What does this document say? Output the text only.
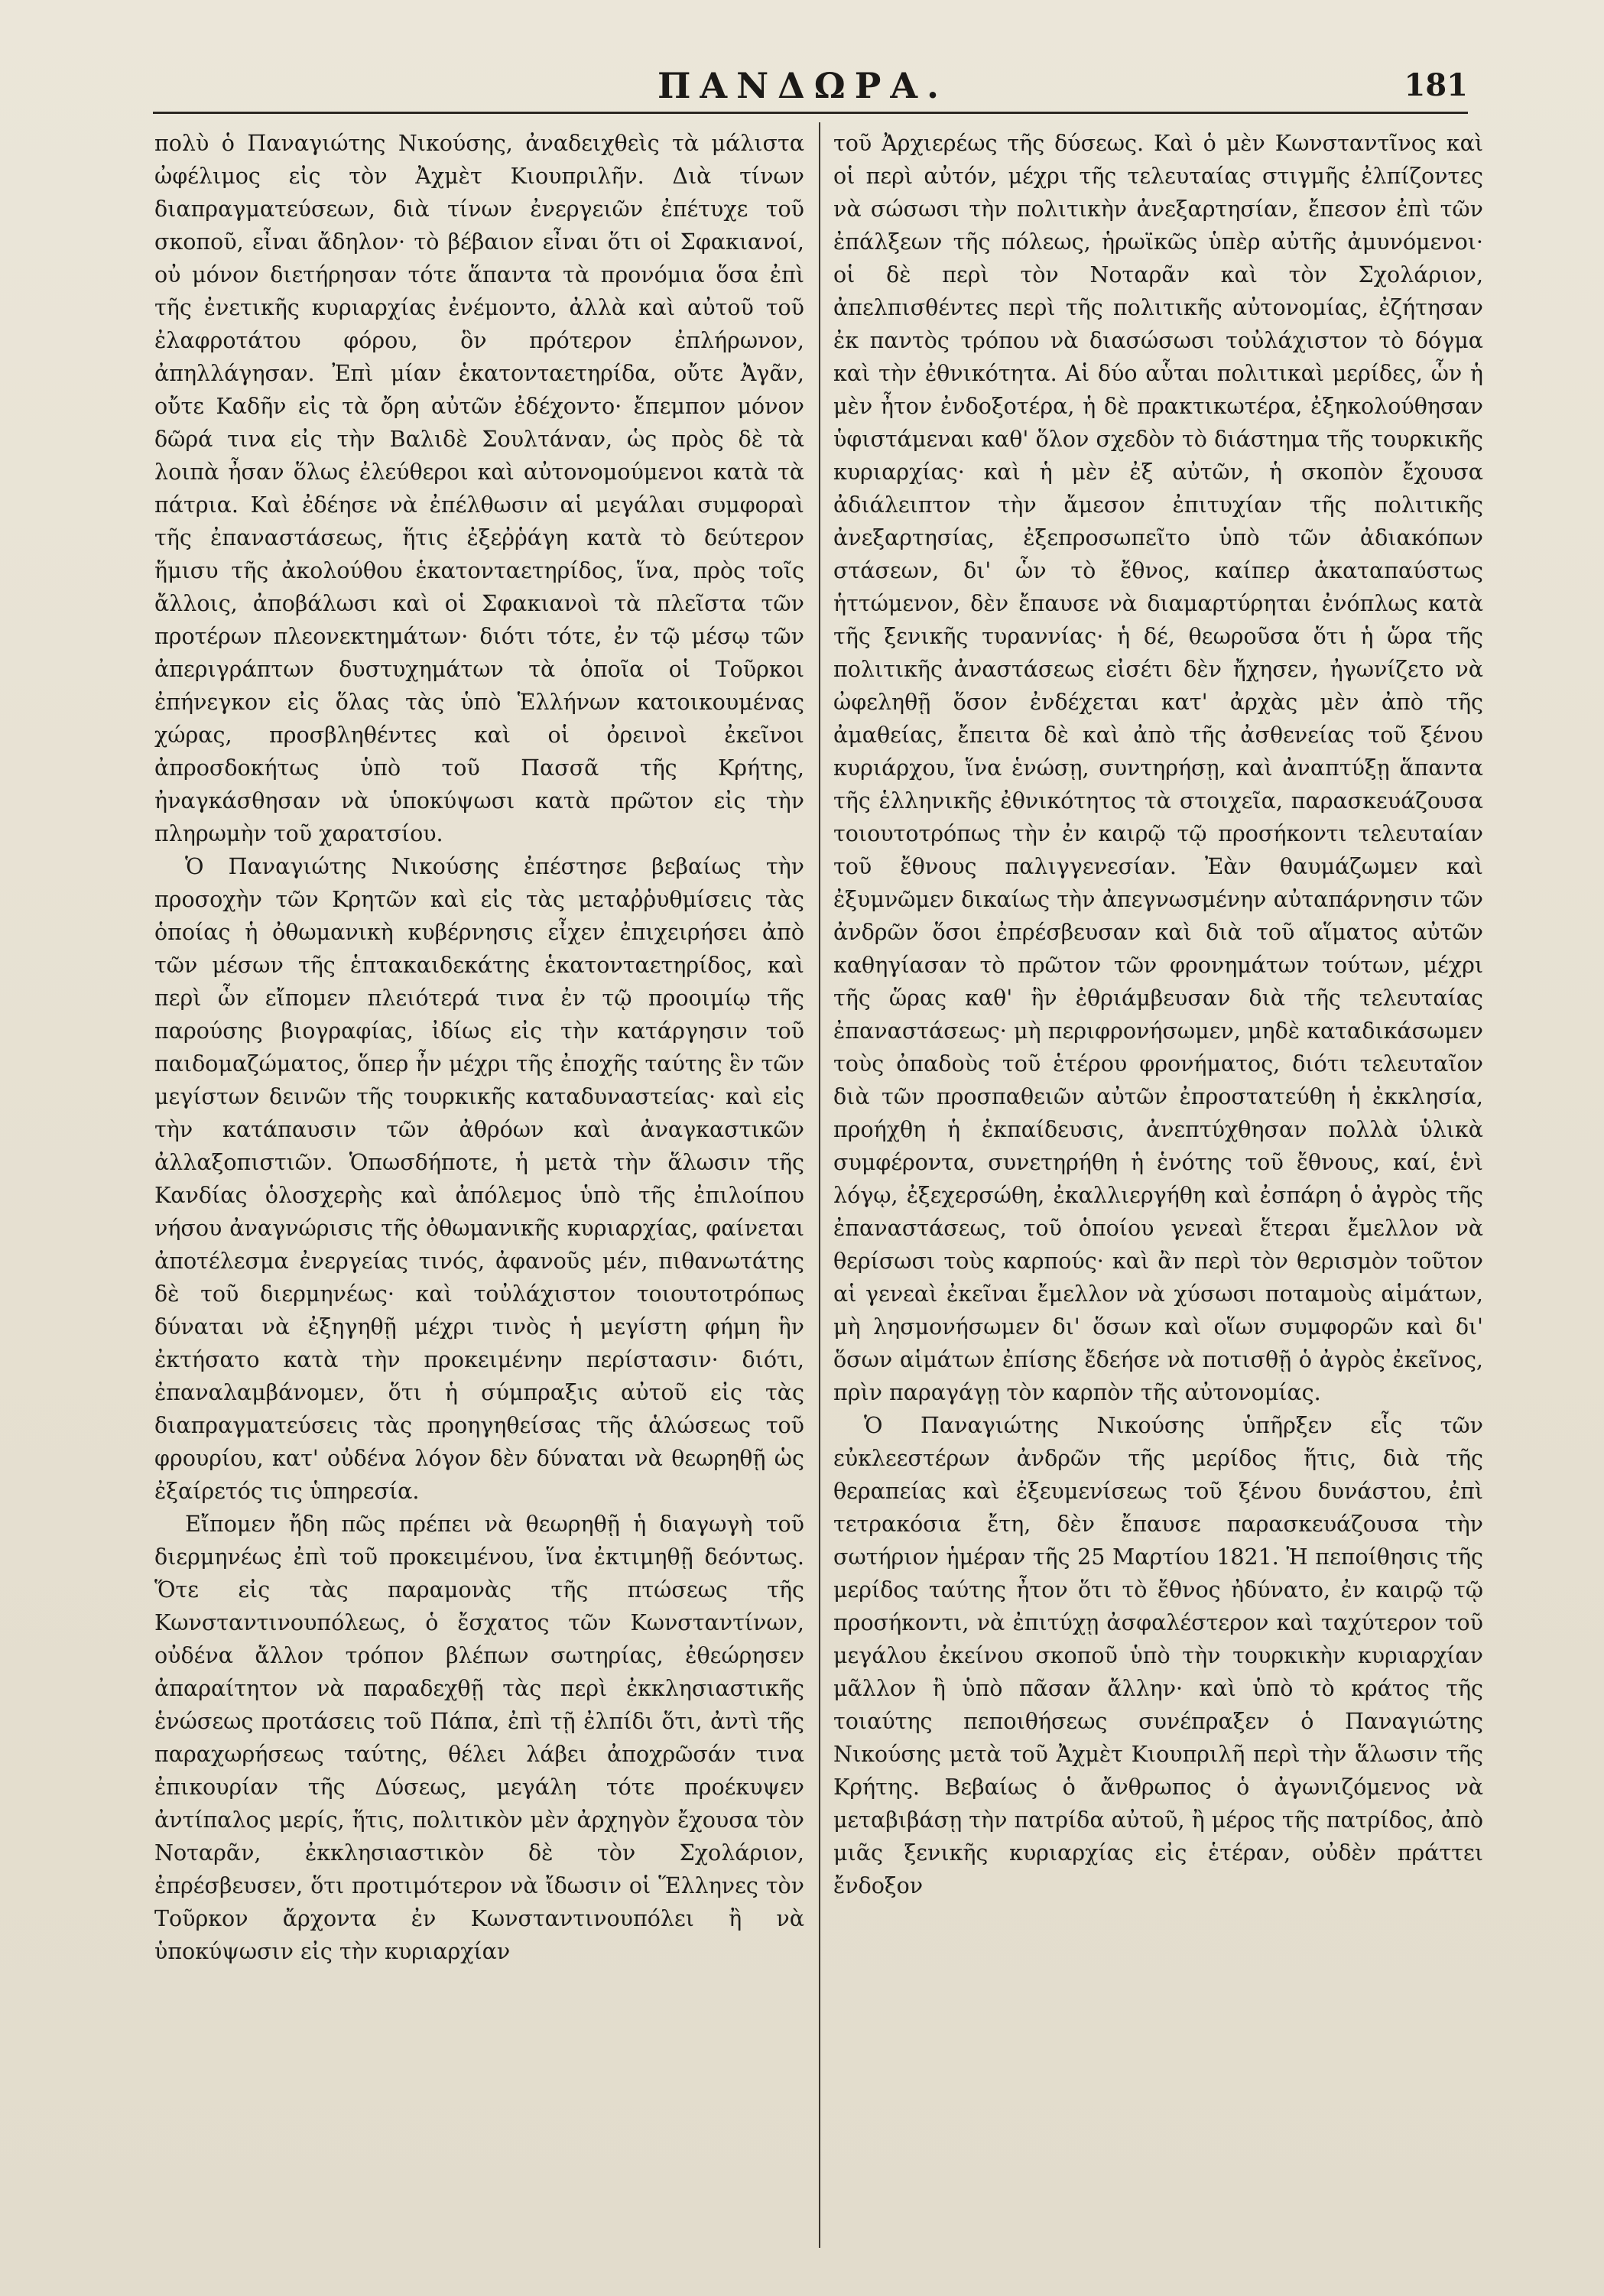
ΠΑΝΔΩΡΑ.	181

πολὺ ὁ Παναγιώτης Νικούσης, ἀναδειχθεὶς τὰ μάλιστα ὠφέλιμος εἰς τὸν Ἀχμὲτ Κιουπριλῆν. Διὰ τίνων διαπραγματεύσεων, διὰ τίνων ἐνεργειῶν ἐπέτυχε τοῦ σκοποῦ, εἶναι ἄδηλον· τὸ βέβαιον εἶναι ὅτι οἱ Σφακιανοί, οὐ μόνον διετήρησαν τότε ἅπαντα τὰ προνόμια ὅσα ἐπὶ τῆς ἐνετικῆς κυριαρχίας ἐνέμοντο, ἀλλὰ καὶ αὐτοῦ τοῦ ἐλαφροτάτου φόρου, ὃν πρότερον ἐπλήρωνον, ἀπηλλάγησαν. Ἐπὶ μίαν ἑκατονταετηρίδα, οὔτε Ἀγᾶν, οὔτε Καδῆν εἰς τὰ ὄρη αὐτῶν ἐδέχοντο· ἔπεμπον μόνον δῶρά τινα εἰς τὴν Βαλιδὲ Σουλτάναν, ὡς πρὸς δὲ τὰ λοιπὰ ἦσαν ὅλως ἐλεύθεροι καὶ αὐτονομούμενοι κατὰ τὰ πάτρια. Καὶ ἐδέησε νὰ ἐπέλθωσιν αἱ μεγάλαι συμφοραὶ τῆς ἐπαναστάσεως, ἥτις ἐξεῤῥάγη κατὰ τὸ δεύτερον ἥμισυ τῆς ἀκολούθου ἑκατονταετηρίδος, ἵνα, πρὸς τοῖς ἄλλοις, ἀποβάλωσι καὶ οἱ Σφακιανοὶ τὰ πλεῖστα τῶν προτέρων πλεονεκτημάτων· διότι τότε, ἐν τῷ μέσῳ τῶν ἀπεριγράπτων δυστυχημάτων τὰ ὁποῖα οἱ Τοῦρκοι ἐπήνεγκον εἰς ὅλας τὰς ὑπὸ Ἑλλήνων κατοικουμένας χώρας, προσβληθέντες καὶ οἱ ὀρεινοὶ ἐκεῖνοι ἀπροσδοκήτως ὑπὸ τοῦ Πασσᾶ τῆς Κρήτης, ἠναγκάσθησαν νὰ ὑποκύψωσι κατὰ πρῶτον εἰς τὴν πληρωμὴν τοῦ χαρατσίου.

Ὁ Παναγιώτης Νικούσης ἐπέστησε βεβαίως τὴν προσοχὴν τῶν Κρητῶν καὶ εἰς τὰς μεταῤῥυθμίσεις τὰς ὁποίας ἡ ὀθωμανικὴ κυβέρνησις εἶχεν ἐπιχειρήσει ἀπὸ τῶν μέσων τῆς ἑπτακαιδεκάτης ἑκατονταετηρίδος, καὶ περὶ ὧν εἴπομεν πλειότερά τινα ἐν τῷ προοιμίῳ τῆς παρούσης βιογραφίας, ἰδίως εἰς τὴν κατάργησιν τοῦ παιδομαζώματος, ὅπερ ἦν μέχρι τῆς ἐποχῆς ταύτης ἓν τῶν μεγίστων δεινῶν τῆς τουρκικῆς καταδυναστείας· καὶ εἰς τὴν κατάπαυσιν τῶν ἀθρόων καὶ ἀναγκαστικῶν ἀλλαξοπιστιῶν. Ὁπωσδήποτε, ἡ μετὰ τὴν ἅλωσιν τῆς Κανδίας ὁλοσχερὴς καὶ ἀπόλεμος ὑπὸ τῆς ἐπιλοίπου νήσου ἀναγνώρισις τῆς ὀθωμανικῆς κυριαρχίας, φαίνεται ἀποτέλεσμα ἐνεργείας τινός, ἀφανοῦς μέν, πιθανωτάτης δὲ τοῦ διερμηνέως· καὶ τοὐλάχιστον τοιουτοτρόπως δύναται νὰ ἐξηγηθῇ μέχρι τινὸς ἡ μεγίστη φήμη ἣν ἐκτήσατο κατὰ τὴν προκειμένην περίστασιν· διότι, ἐπαναλαμβάνομεν, ὅτι ἡ σύμπραξις αὐτοῦ εἰς τὰς διαπραγματεύσεις τὰς προηγηθείσας τῆς ἁλώσεως τοῦ φρουρίου, κατ' οὐδένα λόγον δὲν δύναται νὰ θεωρηθῇ ὡς ἐξαίρετός τις ὑπηρεσία.

Εἴπομεν ἤδη πῶς πρέπει νὰ θεωρηθῇ ἡ διαγωγὴ τοῦ διερμηνέως ἐπὶ τοῦ προκειμένου, ἵνα ἐκτιμηθῇ δεόντως. Ὅτε εἰς τὰς παραμονὰς τῆς πτώσεως τῆς Κωνσταντινουπόλεως, ὁ ἔσχατος τῶν Κωνσταντίνων, οὐδένα ἄλλον τρόπον βλέπων σωτηρίας, ἐθεώρησεν ἀπαραίτητον νὰ παραδεχθῇ τὰς περὶ ἐκκλησιαστικῆς ἑνώσεως προτάσεις τοῦ Πάπα, ἐπὶ τῇ ἐλπίδι ὅτι, ἀντὶ τῆς παραχωρήσεως ταύτης, θέλει λάβει ἀποχρῶσάν τινα ἐπικουρίαν τῆς Δύσεως, μεγάλη τότε προέκυψεν ἀντίπαλος μερίς, ἥτις, πολιτικὸν μὲν ἀρχηγὸν ἔχουσα τὸν Νοταρᾶν, ἐκκλησιαστικὸν δὲ τὸν Σχολάριον, ἐπρέσβευσεν, ὅτι προτιμότερον νὰ ἴδωσιν οἱ Ἕλληνες τὸν Τοῦρκον ἄρχοντα ἐν Κωνσταντινουπόλει ἢ νὰ ὑποκύψωσιν εἰς τὴν κυριαρχίαν

τοῦ Ἀρχιερέως τῆς δύσεως. Καὶ ὁ μὲν Κωνσταντῖνος καὶ οἱ περὶ αὐτόν, μέχρι τῆς τελευταίας στιγμῆς ἐλπίζοντες νὰ σώσωσι τὴν πολιτικὴν ἀνεξαρτησίαν, ἔπεσον ἐπὶ τῶν ἐπάλξεων τῆς πόλεως, ἡρωϊκῶς ὑπὲρ αὐτῆς ἀμυνόμενοι· οἱ δὲ περὶ τὸν Νοταρᾶν καὶ τὸν Σχολάριον, ἀπελπισθέντες περὶ τῆς πολιτικῆς αὐτονομίας, ἐζήτησαν ἐκ παντὸς τρόπου νὰ διασώσωσι τοὐλάχιστον τὸ δόγμα καὶ τὴν ἐθνικότητα. Αἱ δύο αὗται πολιτικαὶ μερίδες, ὧν ἡ μὲν ἦτον ἐνδοξοτέρα, ἡ δὲ πρακτικωτέρα, ἐξηκολούθησαν ὑφιστάμεναι καθ' ὅλον σχεδὸν τὸ διάστημα τῆς τουρκικῆς κυριαρχίας· καὶ ἡ μὲν ἐξ αὐτῶν, ἡ σκοπὸν ἔχουσα ἀδιάλειπτον τὴν ἄμεσον ἐπιτυχίαν τῆς πολιτικῆς ἀνεξαρτησίας, ἐξεπροσωπεῖτο ὑπὸ τῶν ἀδιακόπων στάσεων, δι' ὧν τὸ ἔθνος, καίπερ ἀκαταπαύστως ἡττώμενον, δὲν ἔπαυσε νὰ διαμαρτύρηται ἐνόπλως κατὰ τῆς ξενικῆς τυραννίας· ἡ δέ, θεωροῦσα ὅτι ἡ ὥρα τῆς πολιτικῆς ἀναστάσεως εἰσέτι δὲν ἤχησεν, ἠγωνίζετο νὰ ὠφεληθῇ ὅσον ἐνδέχεται κατ' ἀρχὰς μὲν ἀπὸ τῆς ἀμαθείας, ἔπειτα δὲ καὶ ἀπὸ τῆς ἀσθενείας τοῦ ξένου κυριάρχου, ἵνα ἑνώσῃ, συντηρήσῃ, καὶ ἀναπτύξῃ ἅπαντα τῆς ἑλληνικῆς ἐθνικότητος τὰ στοιχεῖα, παρασκευάζουσα τοιουτοτρόπως τὴν ἐν καιρῷ τῷ προσήκοντι τελευταίαν τοῦ ἔθνους παλιγγενεσίαν. Ἐὰν θαυμάζωμεν καὶ ἐξυμνῶμεν δικαίως τὴν ἀπεγνωσμένην αὐταπάρνησιν τῶν ἀνδρῶν ὅσοι ἐπρέσβευσαν καὶ διὰ τοῦ αἵματος αὐτῶν καθηγίασαν τὸ πρῶτον τῶν φρονημάτων τούτων, μέχρι τῆς ὥρας καθ' ἣν ἐθριάμβευσαν διὰ τῆς τελευταίας ἐπαναστάσεως· μὴ περιφρονήσωμεν, μηδὲ καταδικάσωμεν τοὺς ὀπαδοὺς τοῦ ἑτέρου φρονήματος, διότι τελευταῖον διὰ τῶν προσπαθειῶν αὐτῶν ἐπροστατεύθη ἡ ἐκκλησία, προήχθη ἡ ἐκπαίδευσις, ἀνεπτύχθησαν πολλὰ ὑλικὰ συμφέροντα, συνετηρήθη ἡ ἑνότης τοῦ ἔθνους, καί, ἑνὶ λόγῳ, ἐξεχερσώθη, ἐκαλλιεργήθη καὶ ἐσπάρη ὁ ἀγρὸς τῆς ἐπαναστάσεως, τοῦ ὁποίου γενεαὶ ἕτεραι ἔμελλον νὰ θερίσωσι τοὺς καρπούς· καὶ ἂν περὶ τὸν θερισμὸν τοῦτον αἱ γενεαὶ ἐκεῖναι ἔμελλον νὰ χύσωσι ποταμοὺς αἱμάτων, μὴ λησμονήσωμεν δι' ὅσων καὶ οἵων συμφορῶν καὶ δι' ὅσων αἱμάτων ἐπίσης ἔδεήσε νὰ ποτισθῇ ὁ ἀγρὸς ἐκεῖνος, πρὶν παραγάγῃ τὸν καρπὸν τῆς αὐτονομίας.

Ὁ Παναγιώτης Νικούσης ὑπῆρξεν εἷς τῶν εὐκλεεστέρων ἀνδρῶν τῆς μερίδος ἥτις, διὰ τῆς θεραπείας καὶ ἐξευμενίσεως τοῦ ξένου δυνάστου, ἐπὶ τετρακόσια ἔτη, δὲν ἔπαυσε παρασκευάζουσα τὴν σωτήριον ἡμέραν τῆς 25 Μαρτίου 1821. Ἡ πεποίθησις τῆς μερίδος ταύτης ἦτον ὅτι τὸ ἔθνος ἠδύνατο, ἐν καιρῷ τῷ προσήκοντι, νὰ ἐπιτύχῃ ἀσφαλέστερον καὶ ταχύτερον τοῦ μεγάλου ἐκείνου σκοποῦ ὑπὸ τὴν τουρκικὴν κυριαρχίαν μᾶλλον ἢ ὑπὸ πᾶσαν ἄλλην· καὶ ὑπὸ τὸ κράτος τῆς τοιαύτης πεποιθήσεως συνέπραξεν ὁ Παναγιώτης Νικούσης μετὰ τοῦ Ἀχμὲτ Κιουπριλῆ περὶ τὴν ἅλωσιν τῆς Κρήτης. Βεβαίως ὁ ἄνθρωπος ὁ ἀγωνιζόμενος νὰ μεταβιβάσῃ τὴν πατρίδα αὐτοῦ, ἢ μέρος τῆς πατρίδος, ἀπὸ μιᾶς ξενικῆς κυριαρχίας εἰς ἑτέραν, οὐδὲν πράττει ἔνδοξον
